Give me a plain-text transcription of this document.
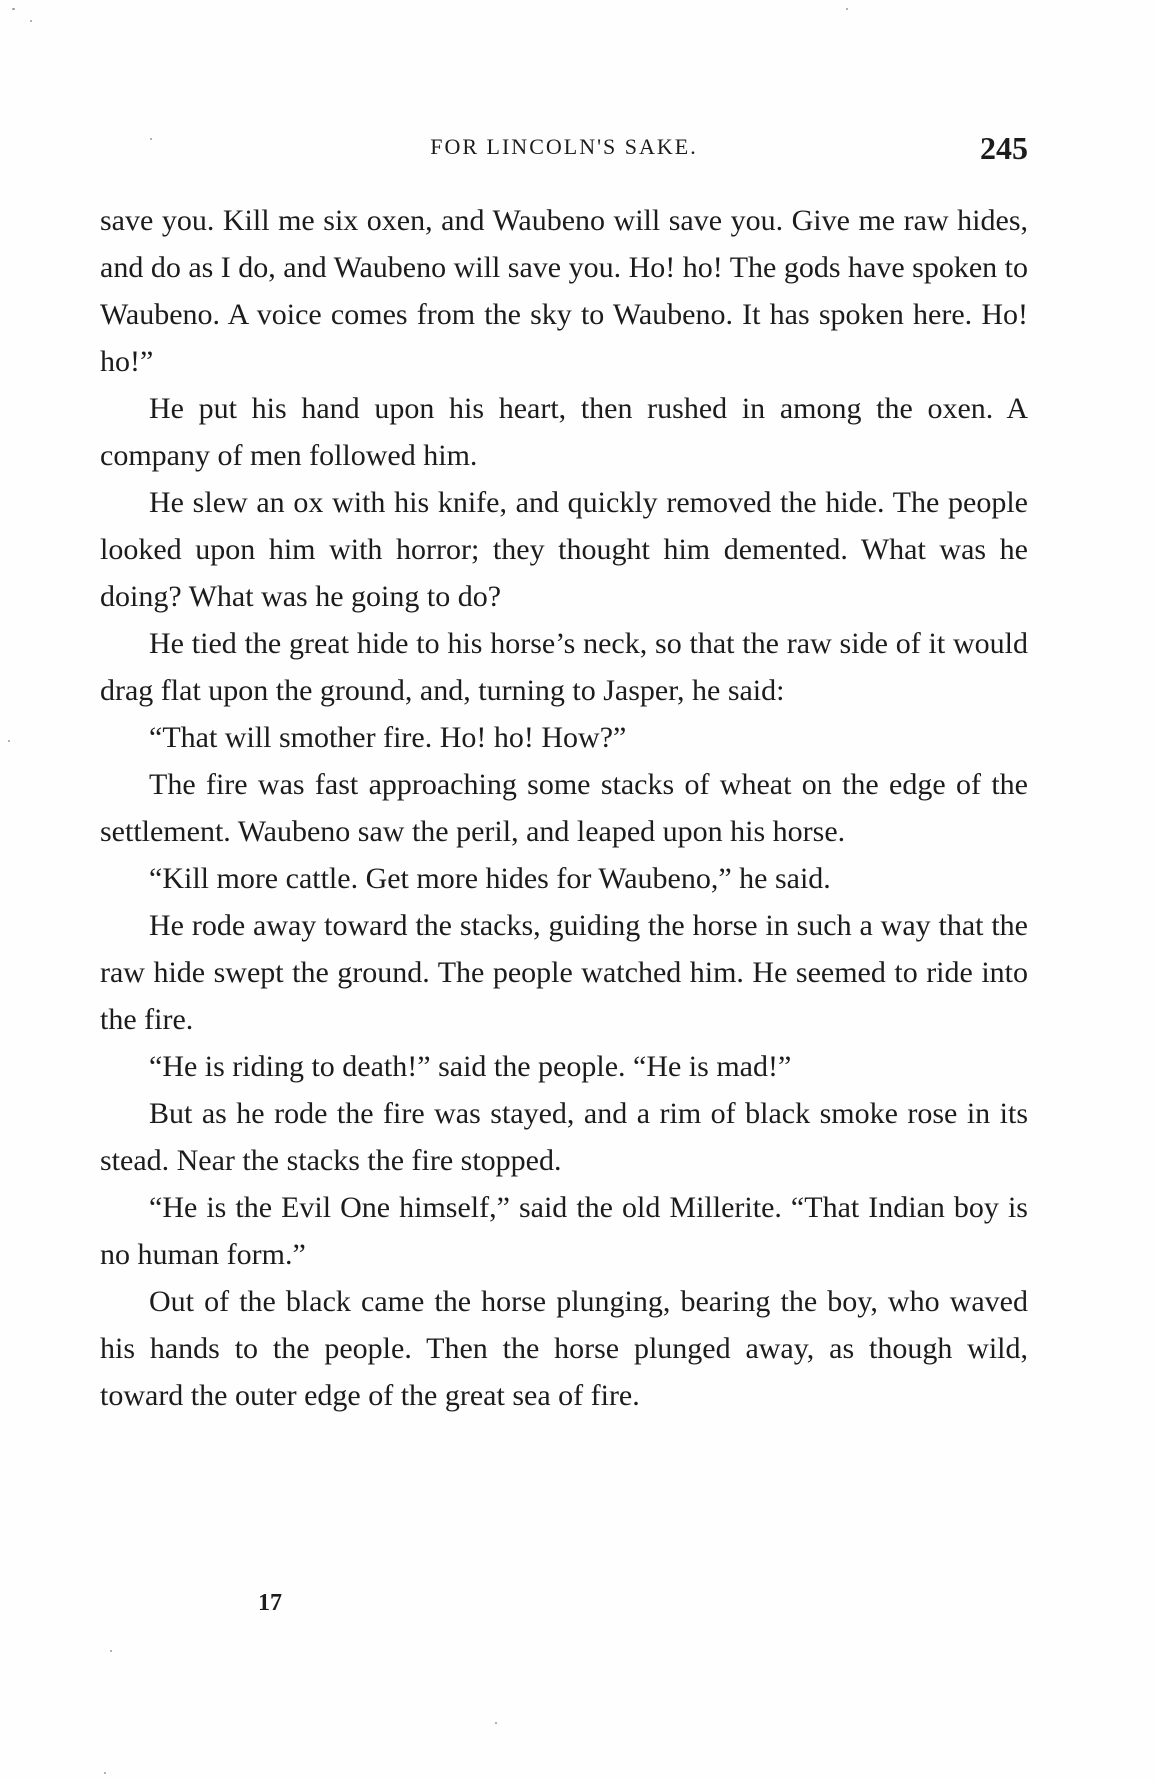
FOR LINCOLN'S SAKE.	245

save you. Kill me six oxen, and Waubeno will save you. Give me raw hides, and do as I do, and Waubeno will save you. Ho! ho! The gods have spoken to Waubeno. A voice comes from the sky to Waubeno. It has spoken here. Ho! ho!”

He put his hand upon his heart, then rushed in among the oxen. A company of men followed him.

He slew an ox with his knife, and quickly removed the hide. The people looked upon him with horror; they thought him demented. What was he doing? What was he going to do?

He tied the great hide to his horse’s neck, so that the raw side of it would drag flat upon the ground, and, turning to Jasper, he said:

“That will smother fire. Ho! ho! How?”

The fire was fast approaching some stacks of wheat on the edge of the settlement. Waubeno saw the peril, and leaped upon his horse.

“Kill more cattle. Get more hides for Waubeno,” he said.

He rode away toward the stacks, guiding the horse in such a way that the raw hide swept the ground. The people watched him. He seemed to ride into the fire.

“He is riding to death!” said the people. “He is mad!”

But as he rode the fire was stayed, and a rim of black smoke rose in its stead. Near the stacks the fire stopped.

“He is the Evil One himself,” said the old Millerite. “That Indian boy is no human form.”

Out of the black came the horse plunging, bearing the boy, who waved his hands to the people. Then the horse plunged away, as though wild, toward the outer edge of the great sea of fire.

17
